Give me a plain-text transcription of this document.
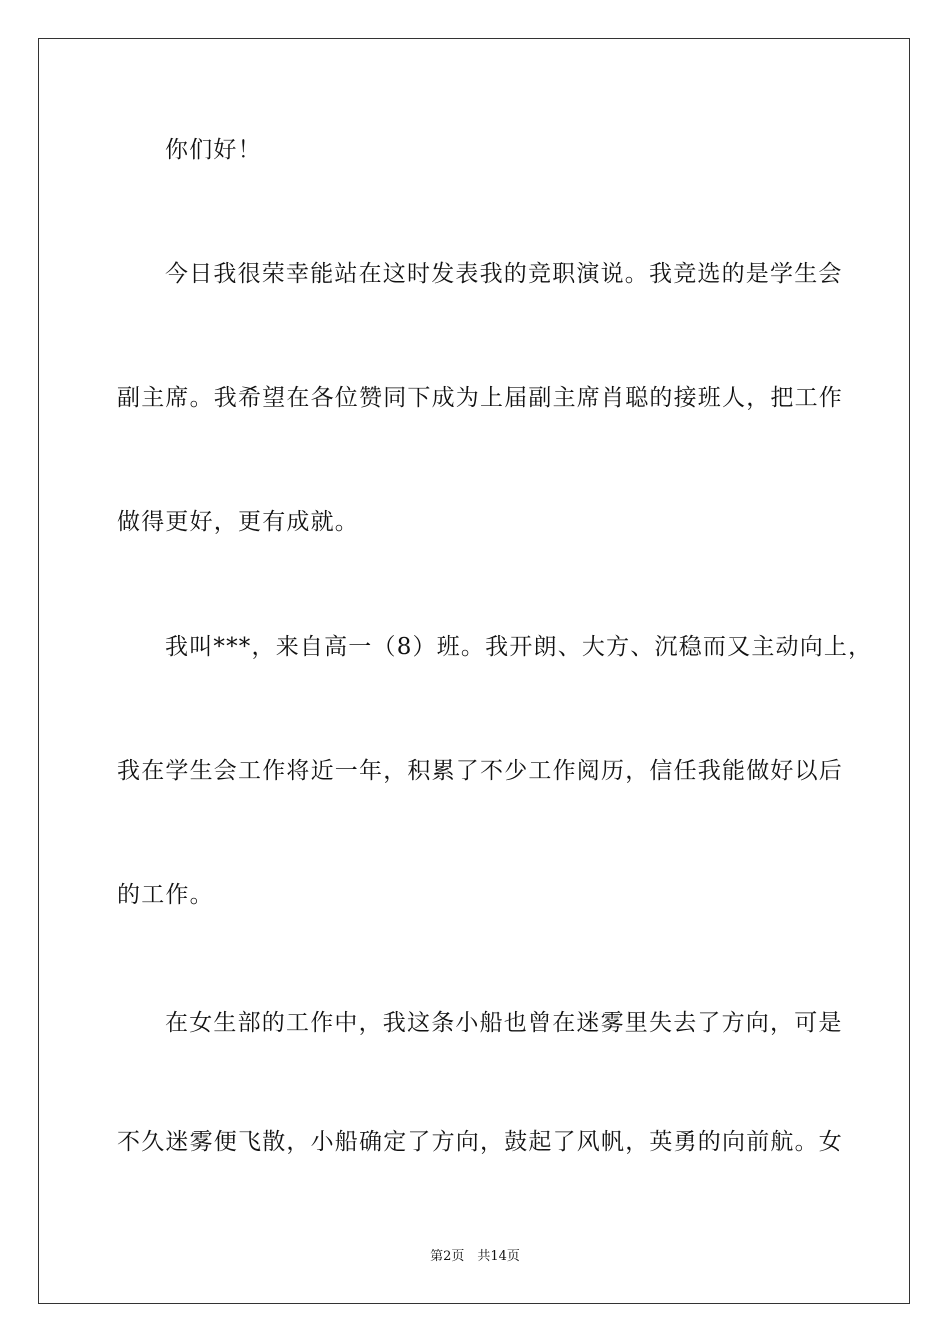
你们好！
今日我很荣幸能站在这时发表我的竞职演说。我竞选的是学生会
副主席。我希望在各位赞同下成为上届副主席肖聪的接班人，把工作
做得更好，更有成就。
我叫***，来自高一（8）班。我开朗、大方、沉稳而又主动向上，
我在学生会工作将近一年，积累了不少工作阅历，信任我能做好以后
的工作。
在女生部的工作中，我这条小船也曾在迷雾里失去了方向，可是
不久迷雾便飞散，小船确定了方向，鼓起了风帆，英勇的向前航。女
第2页　共14页
